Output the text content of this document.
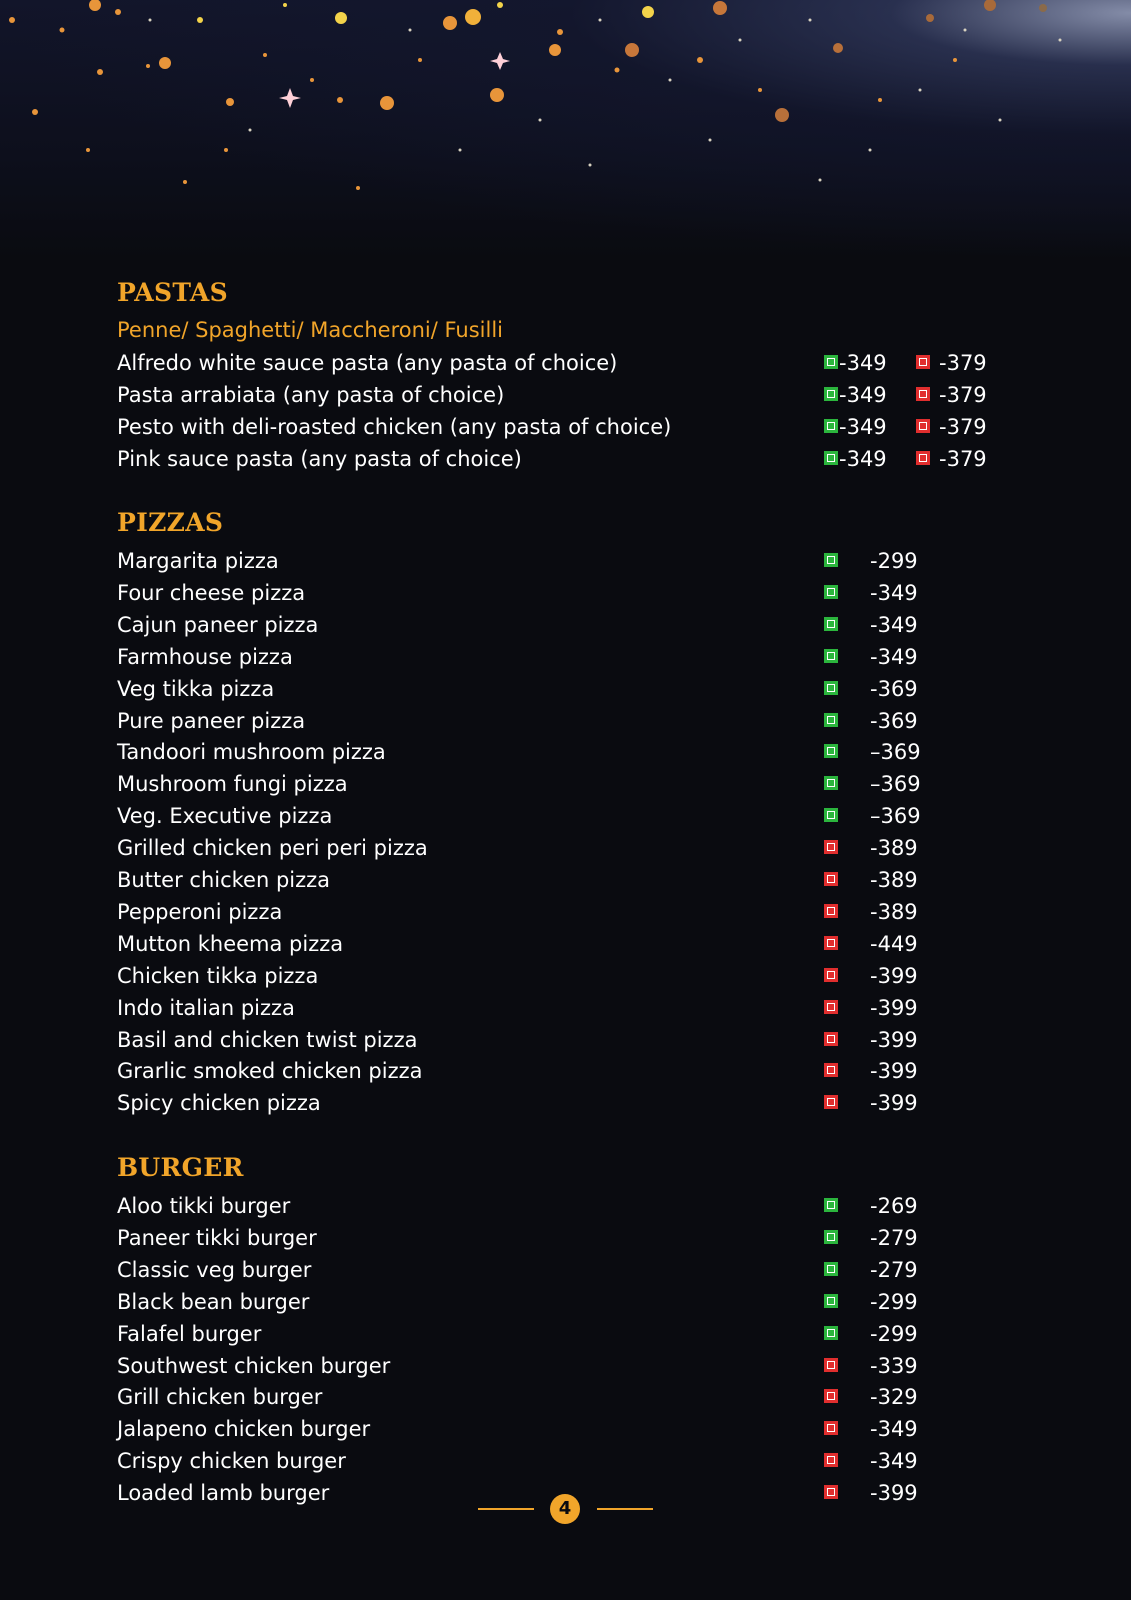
PASTAS
Penne/ Spaghetti/ Maccheroni/ Fusilli
Alfredo white sauce pasta (any pasta of choice)	-349 -379
Pasta arrabiata (any pasta of choice)	-349 -379
Pesto with deli-roasted chicken (any pasta of choice)	-349 -379
Pink sauce pasta (any pasta of choice)	-349 -379
PIZZAS
Margarita pizza	-299
Four cheese pizza	-349
Cajun paneer pizza	-349
Farmhouse pizza	-349
Veg tikka pizza	-369
Pure paneer pizza	-369
Tandoori mushroom pizza	–369
Mushroom fungi pizza	–369
Veg. Executive pizza	–369
Grilled chicken peri peri pizza	-389
Butter chicken pizza	-389
Pepperoni pizza	-389
Mutton kheema pizza	-449
Chicken tikka pizza	-399
Indo italian pizza	-399
Basil and chicken twist pizza	-399
Grarlic smoked chicken pizza	-399
Spicy chicken pizza	-399
BURGER
Aloo tikki burger	-269
Paneer tikki burger	-279
Classic veg burger	-279
Black bean burger	-299
Falafel burger	-299
Southwest chicken burger	-339
Grill chicken burger	-329
Jalapeno chicken burger	-349
Crispy chicken burger	-349
Loaded lamb burger	-399
4
